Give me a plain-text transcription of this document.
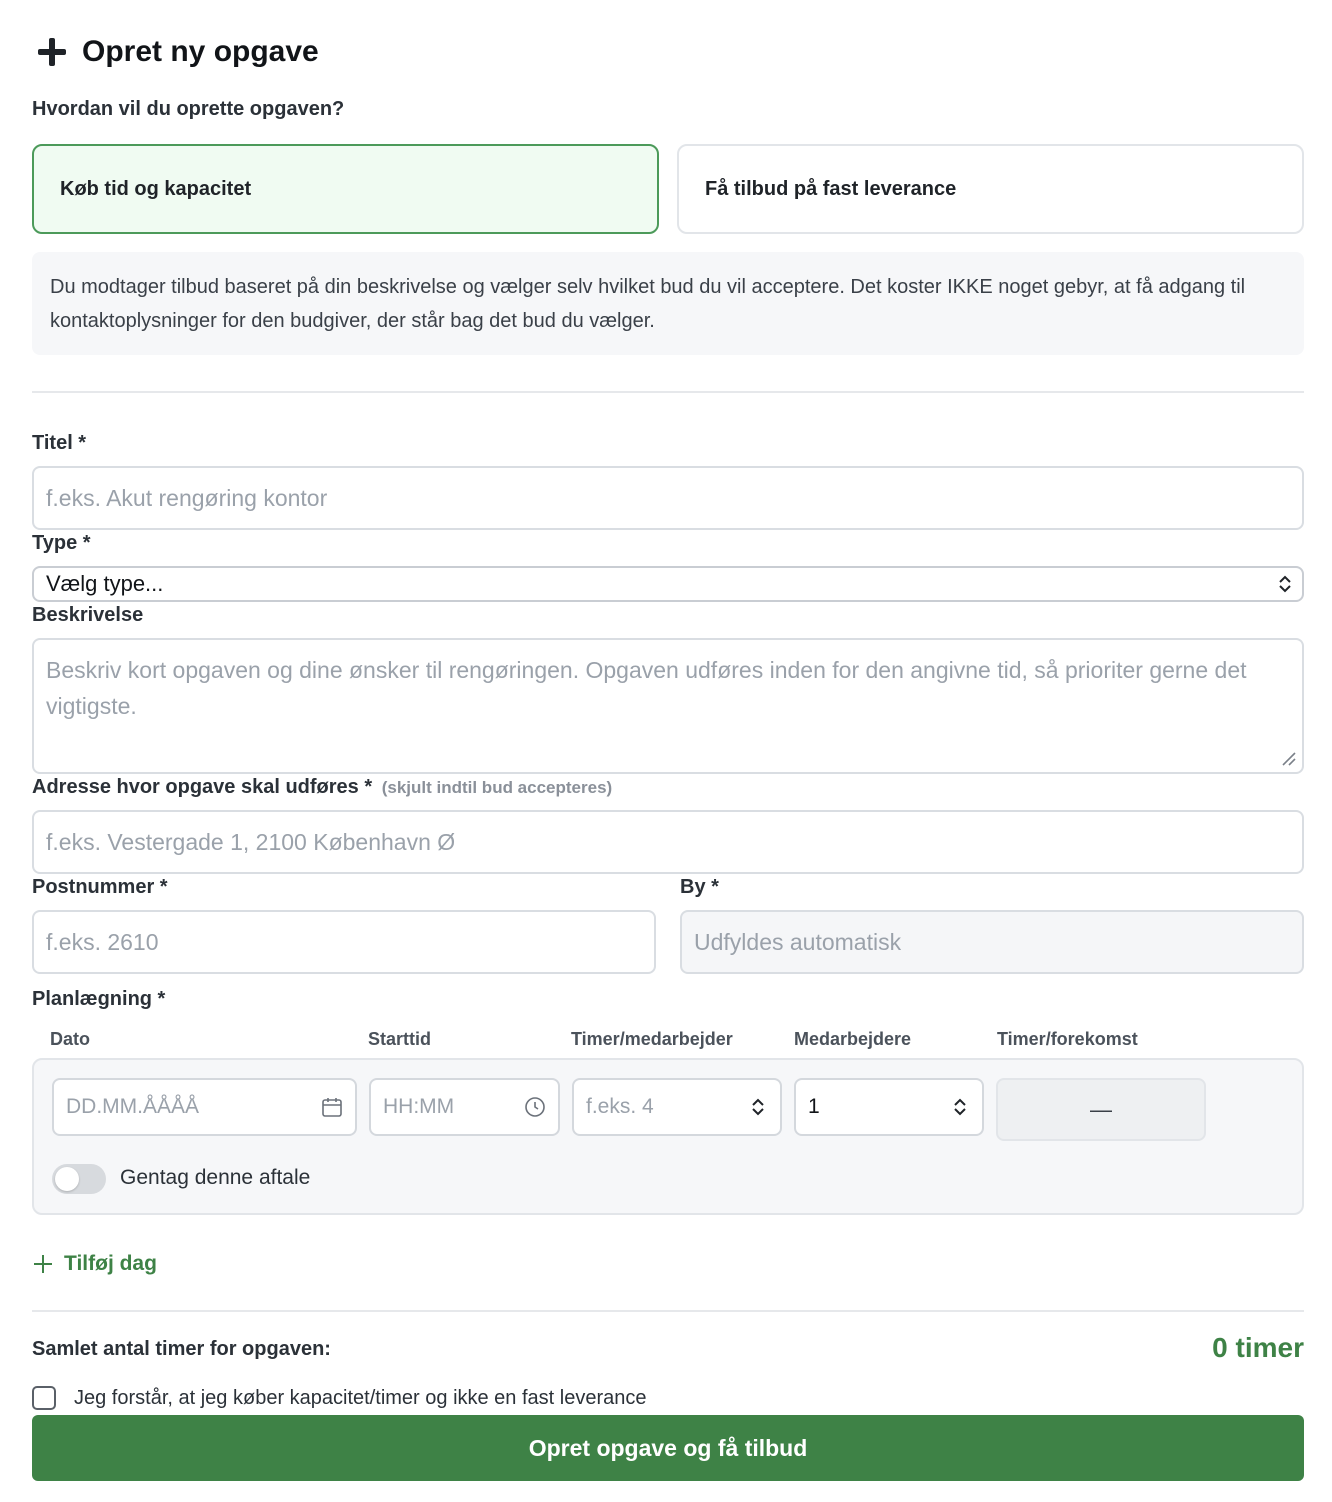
Opret ny opgave
Hvordan vil du oprette opgaven?
Køb tid og kapacitet	Få tilbud på fast leverance
Du modtager tilbud baseret på din beskrivelse og vælger selv hvilket bud du vil acceptere. Det koster IKKE noget gebyr, at få adgang til kontaktoplysninger for den budgiver, der står bag det bud du vælger.
Titel *
f.eks. Akut rengøring kontor
Type *
Vælg type...
Beskrivelse
Beskriv kort opgaven og dine ønsker til rengøringen. Opgaven udføres inden for den angivne tid, så prioriter gerne det vigtigste.
Adresse hvor opgave skal udføres * (skjult indtil bud accepteres)
f.eks. Vestergade 1, 2100 København Ø
Postnummer *
f.eks. 2610	By *
Udfyldes automatisk
Planlægning *
Dato	Starttid	Timer/medarbejder	Medarbejdere	Timer/forekomst
DD.MM.ÅÅÅÅ	HH:MM	f.eks. 4	1	—
Gentag denne aftale
Tilføj dag
Samlet antal timer for opgaven:	0 timer
Jeg forstår, at jeg køber kapacitet/timer og ikke en fast leverance
Opret opgave og få tilbud
